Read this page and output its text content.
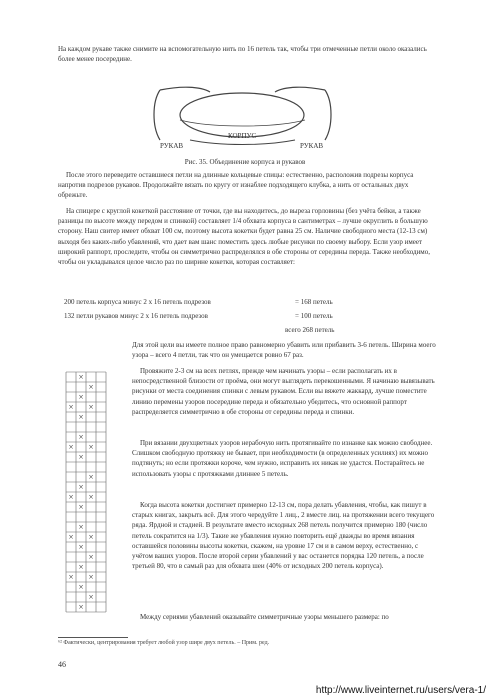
На каждом рукаве также снимите на вспомогательную нить по 16 петель так, чтобы три отмеченные петли около оказались более менее посередине.

РУКАВ
КОРПУС
РУКАВ
Рис. 35. Объединение корпуса и рукавов

После этого переведите оставшиеся петли на длинные кольцевые спицы: естественно, расположив подрезы корпуса напротив подрезов рукавов. Продолжайте вязать по кругу от изнаблее подходящего клубка, а нить от остальных двух обрежьте.

На спицере с круглой кокеткой расстояние от точки, где вы находитесь, до выреза горловины (без учёта бейки, а также разницы по высоте между передом и спинкой) составляет 1/4 обхвата корпуса в сантиметрах – лучше округлить в большую сторону. Наш свитер имеет обхват 100 см, поэтому высота кокетки будет равна 25 см. Наличие свободного места (12-13 см) выходя без каких-либо убавлений, что дает вам шанс поместить здесь любые рисунки по своему выбору. Если узор имеет широкий раппорт, проследите, чтобы он симметрично распределялся в обе стороны от середины переда. Также необходимо, чтобы он укладывался целое число раз по ширине кокетки, которая составляет:

200 петель корпуса минус 2 х 16 петель подрезов	= 168 петель
132 петли рукавов минус 2 х 16 петель подрезов	= 100 петель
всего 268 петель
×
×
×
× ×
×
×
× ×
×
×
×
× ×
×
×
× ×
×
×
×
× ×
×
×
×

Для этой цели вы имеете полное право равномерно убавить или прибавить 3-6 петель. Ширина моего узора – всего 4 петли, так что он умещается ровно 67 раз.

Провяжите 2-3 см на всех петлях, прежде чем начинать узоры – если располагать их в непосредственной близости от проёма, они могут выглядеть перекошенными. Я начинаю вывязывать рисунки от места соединения спинки с левым рукавом. Если вы вяжете жаккард, лучше поместите линию перемены узоров посередине переда и обязательно убедитесь, что основной раппорт распределяется симметрично в обе стороны от середины переда и спинки.

При вязании двухцветных узоров нерабочую нить протягивайте по изнанке как можно свободнее. Слишком свободную протяжку не бывает, при необходимости (в определенных усилиях) их можно подтянуть; но если протяжки короче, чем нужно, исправить их никак не удастся. Постарайтесь не использовать узоры с протяжками длиннее 5 петель.

Когда высота кокетки достигнет примерно 12-13 см, пора делать убавления, чтобы, как пишут в старых книгах, закрыть всё. Для этого чередуйте 1 лиц., 2 вместе лиц. на протяжении всего текущего ряда. Ярдной и стадией. В результате вместо исходных 268 петель получится примерно 180 (число петель сократится на 1/3). Такие же убавления нужно повторить ещё дважды во время вязания оставшейся половины высоты кокетки, скажем, на уровне 17 см и в самом верху, естественно, с учётом ваших узоров. После второй серии убавлений у вас останется порядка 120 петель, а после третьей 80, что в самый раз для обхвата шеи (40% от исходных 200 петель корпуса).

Между сериями убавлений оказывайте симметричные узоры меньшего размера: по

⁶² Фактически, центрирования требует любой узор шире двух петель. – Прим. ред.
46
http://www.liveinternet.ru/users/vera-1/
